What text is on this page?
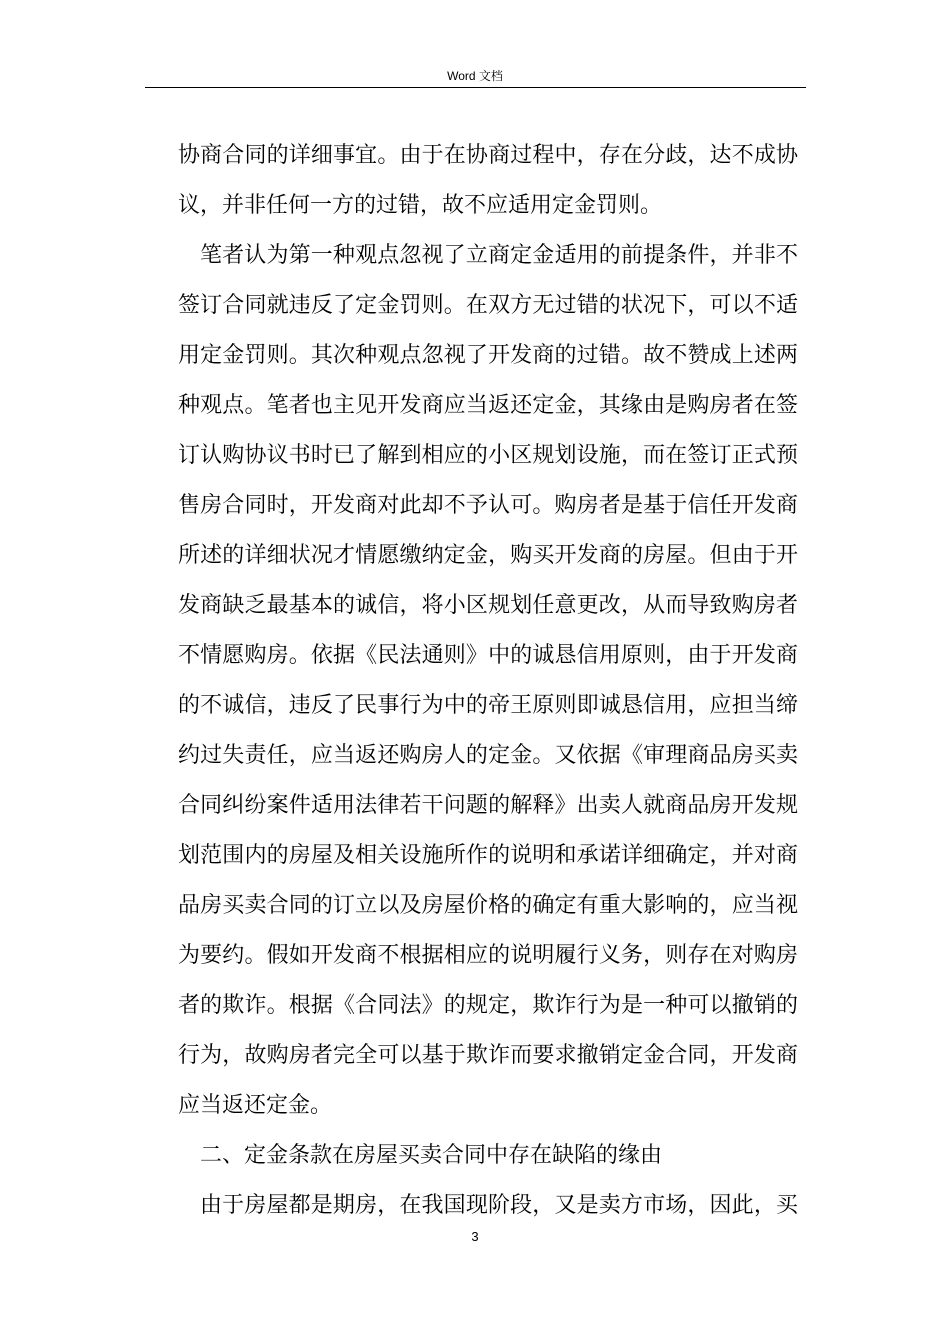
Word 文档
协商合同的详细事宜。由于在协商过程中，存在分歧，达不成协
议，并非任何一方的过错，故不应适用定金罚则。
笔者认为第一种观点忽视了立商定金适用的前提条件，并非不
签订合同就违反了定金罚则。在双方无过错的状况下，可以不适
用定金罚则。其次种观点忽视了开发商的过错。故不赞成上述两
种观点。笔者也主见开发商应当返还定金，其缘由是购房者在签
订认购协议书时已了解到相应的小区规划设施，而在签订正式预
售房合同时，开发商对此却不予认可。购房者是基于信任开发商
所述的详细状况才情愿缴纳定金，购买开发商的房屋。但由于开
发商缺乏最基本的诚信，将小区规划任意更改，从而导致购房者
不情愿购房。依据《民法通则》中的诚恳信用原则，由于开发商
的不诚信，违反了民事行为中的帝王原则即诚恳信用，应担当缔
约过失责任，应当返还购房人的定金。又依据《审理商品房买卖
合同纠纷案件适用法律若干问题的解释》出卖人就商品房开发规
划范围内的房屋及相关设施所作的说明和承诺详细确定，并对商
品房买卖合同的订立以及房屋价格的确定有重大影响的，应当视
为要约。假如开发商不根据相应的说明履行义务，则存在对购房
者的欺诈。根据《合同法》的规定，欺诈行为是一种可以撤销的
行为，故购房者完全可以基于欺诈而要求撤销定金合同，开发商
应当返还定金。
二、定金条款在房屋买卖合同中存在缺陷的缘由
由于房屋都是期房，在我国现阶段，又是卖方市场，因此，买
3
